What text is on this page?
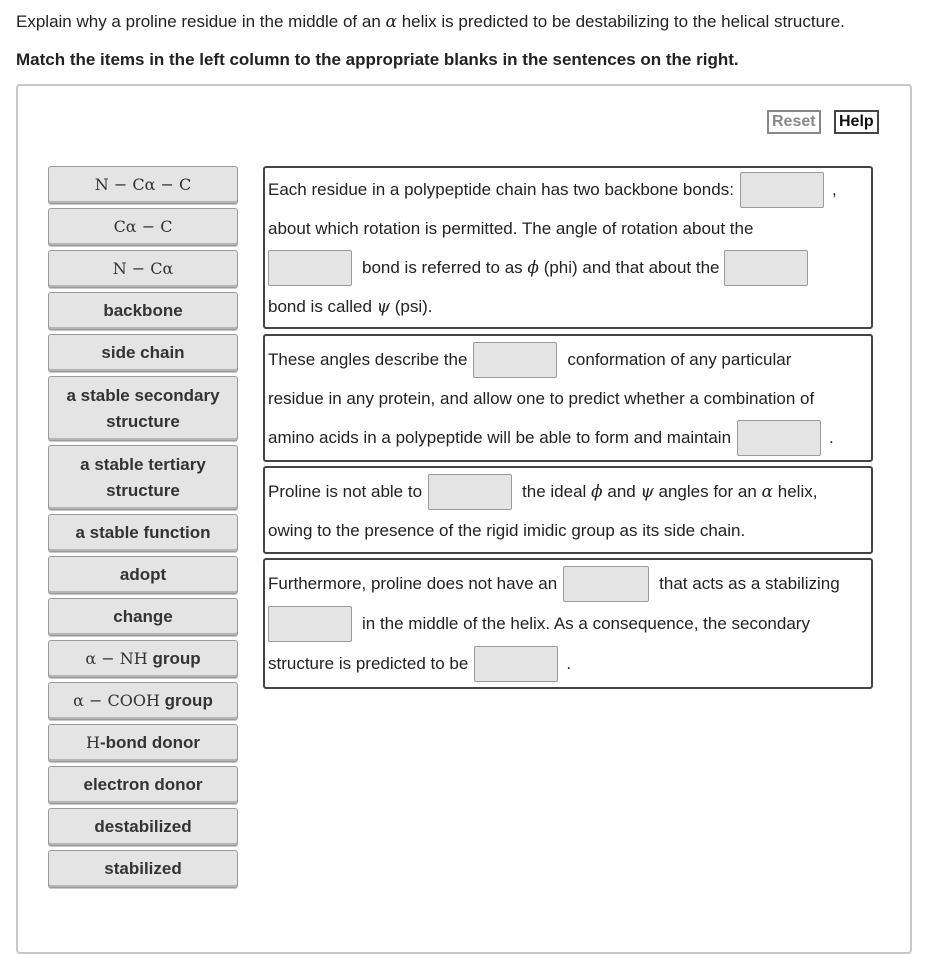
Explain why a proline residue in the middle of an α helix is predicted to be destabilizing to the helical structure.
Match the items in the left column to the appropriate blanks in the sentences on the right.
Reset	Help
N − Cα − C
Cα − C
N − Cα
backbone
side chain
a stable secondary structure
a stable tertiary structure
a stable function
adopt
change
α − NH group
α − COOH group
H -bond donor
electron donor
destabilized
stabilized
Each residue in a polypeptide chain has two backbone bonds:	,
about which rotation is permitted. The angle of rotation about the
bond is referred to as ϕ (phi) and that about the
bond is called ψ (psi).
These angles describe the	conformation of any particular
residue in any protein, and allow one to predict whether a combination of
amino acids in a polypeptide will be able to form and maintain	.
Proline is not able to	the ideal ϕ and ψ angles for an α helix,
owing to the presence of the rigid imidic group as its side chain.
Furthermore, proline does not have an	that acts as a stabilizing
in the middle of the helix. As a consequence, the secondary
structure is predicted to be	.
